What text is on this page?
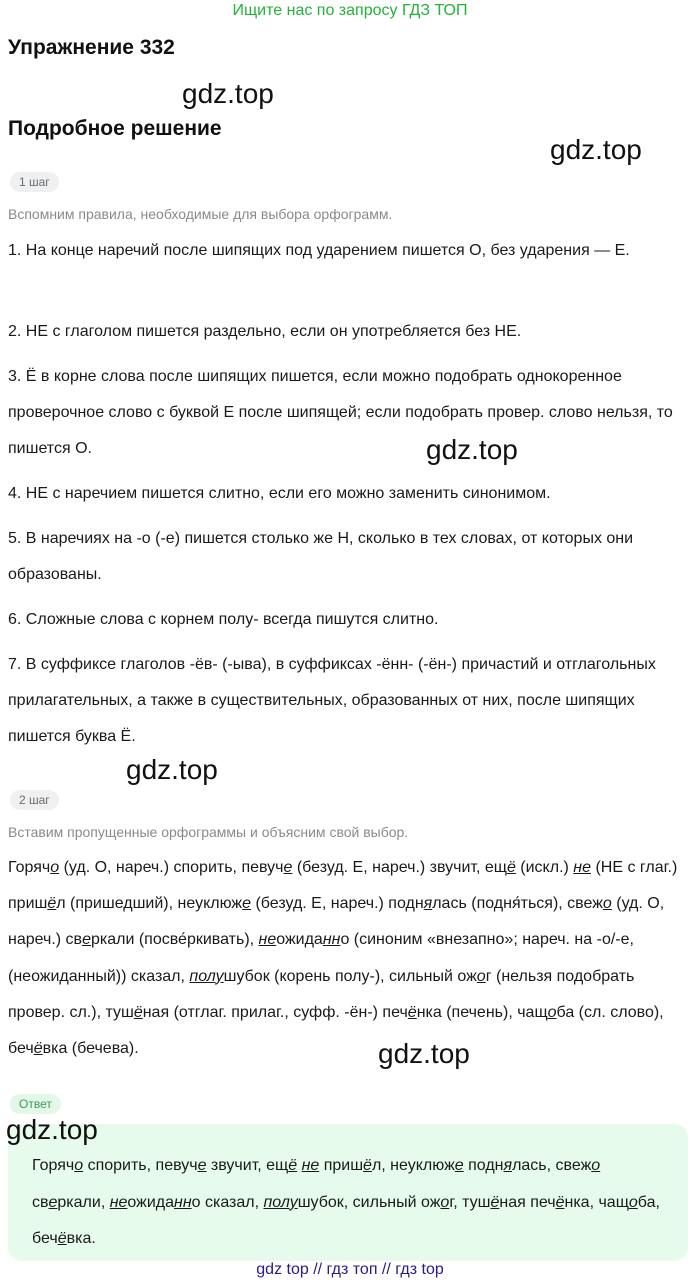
Ищите нас по запросу ГДЗ ТОП
Упражнение 332
gdz.top
Подробное решение
gdz.top
1 шаг
Вспомним правила, необходимые для выбора орфограмм.
1. На конце наречий после шипящих под ударением пишется О, без ударения — Е.
2. НЕ с глаголом пишется раздельно, если он употребляется без НЕ.
3. Ё в корне слова после шипящих пишется, если можно подобрать однокоренное проверочное слово с буквой Е после шипящей; если подобрать провер. слово нельзя, то пишется О.	gdz.top
4. НЕ с наречием пишется слитно, если его можно заменить синонимом.
5. В наречиях на -о (-е) пишется столько же Н, сколько в тех словах, от которых они образованы.
6. Сложные слова с корнем полу- всегда пишутся слитно.
7. В суффиксе глаголов -ёв- (-ыва), в суффиксах -ённ- (-ён-) причастий и отглагольных прилагательных, а также в существительных, образованных от них, после шипящих пишется буква Ё.
gdz.top
2 шаг
Вставим пропущенные орфограммы и объясним свой выбор.
Горячо (уд. О, нареч.) спорить, певуче (безуд. Е, нареч.) звучит, ещё (искл.) не (НЕ с глаг.) пришёл (пришедший), неуклюже (безуд. Е, нареч.) поднялась (подня́ться), свежо (уд. О, нареч.) сверкали (посве́ркивать), неожиданно (синоним «внезапно»; нареч. на -о/-е, (неожиданный)) сказал, полушубок (корень полу-), сильный ожог (нельзя подобрать провер. сл.), тушёная (отглаг. прилаг., суфф. -ён-) печёнка (печень), чащоба (сл. слово), бечёвка (бечева).	gdz.top
Ответ
gdz.top
Горячо спорить, певуче звучит, ещё не пришёл, неуклюже поднялась, свежо сверкали, неожиданно сказал, полушубок, сильный ожог, тушёная печёнка, чащоба, бечёвка.
gdz top // гдз топ // гдз top
